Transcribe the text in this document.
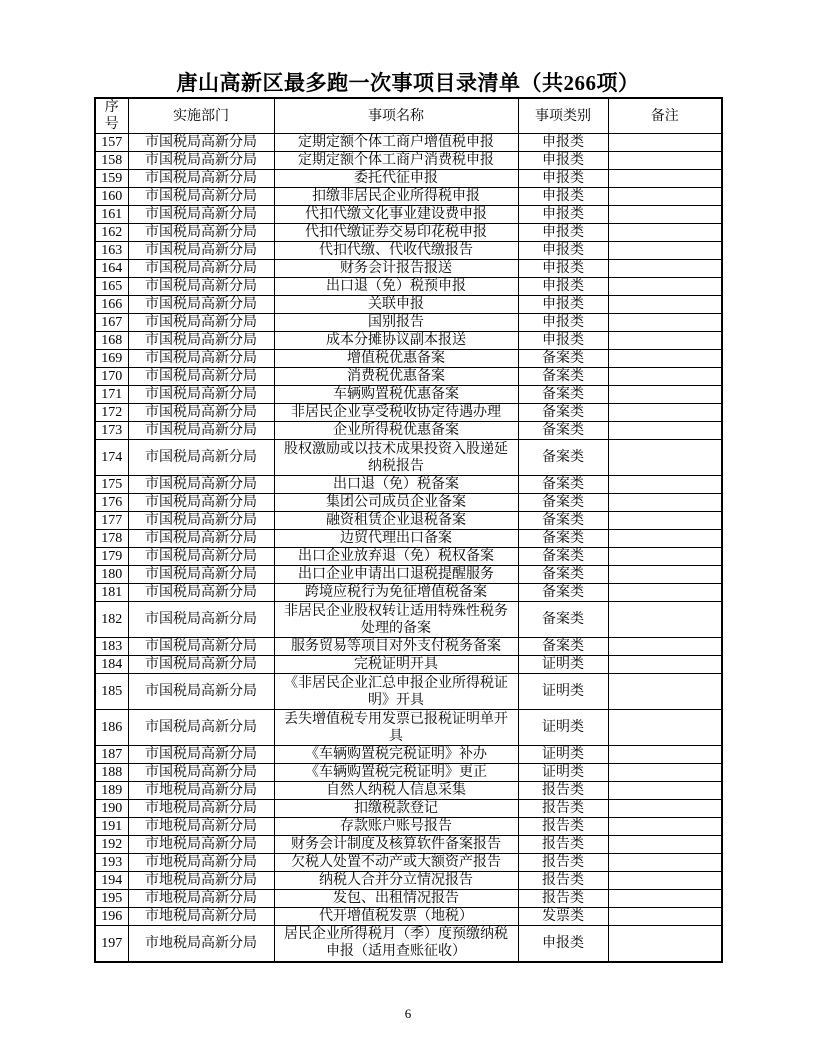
唐山高新区最多跑一次事项目录清单（共266项）
序号	实施部门	事项名称	事项类别	备注
157	市国税局高新分局	定期定额个体工商户增值税申报	申报类	
158	市国税局高新分局	定期定额个体工商户消费税申报	申报类	
159	市国税局高新分局	委托代征申报	申报类	
160	市国税局高新分局	扣缴非居民企业所得税申报	申报类	
161	市国税局高新分局	代扣代缴文化事业建设费申报	申报类	
162	市国税局高新分局	代扣代缴证券交易印花税申报	申报类	
163	市国税局高新分局	代扣代缴、代收代缴报告	申报类	
164	市国税局高新分局	财务会计报告报送	申报类	
165	市国税局高新分局	出口退（免）税预申报	申报类	
166	市国税局高新分局	关联申报	申报类	
167	市国税局高新分局	国别报告	申报类	
168	市国税局高新分局	成本分摊协议副本报送	申报类	
169	市国税局高新分局	增值税优惠备案	备案类	
170	市国税局高新分局	消费税优惠备案	备案类	
171	市国税局高新分局	车辆购置税优惠备案	备案类	
172	市国税局高新分局	非居民企业享受税收协定待遇办理	备案类	
173	市国税局高新分局	企业所得税优惠备案	备案类	
174	市国税局高新分局	股权激励或以技术成果投资入股递延纳税报告	备案类	
175	市国税局高新分局	出口退（免）税备案	备案类	
176	市国税局高新分局	集团公司成员企业备案	备案类	
177	市国税局高新分局	融资租赁企业退税备案	备案类	
178	市国税局高新分局	边贸代理出口备案	备案类	
179	市国税局高新分局	出口企业放弃退（免）税权备案	备案类	
180	市国税局高新分局	出口企业申请出口退税提醒服务	备案类	
181	市国税局高新分局	跨境应税行为免征增值税备案	备案类	
182	市国税局高新分局	非居民企业股权转让适用特殊性税务处理的备案	备案类	
183	市国税局高新分局	服务贸易等项目对外支付税务备案	备案类	
184	市国税局高新分局	完税证明开具	证明类	
185	市国税局高新分局	《非居民企业汇总申报企业所得税证明》开具	证明类	
186	市国税局高新分局	丢失增值税专用发票已报税证明单开具	证明类	
187	市国税局高新分局	《车辆购置税完税证明》补办	证明类	
188	市国税局高新分局	《车辆购置税完税证明》更正	证明类	
189	市地税局高新分局	自然人纳税人信息采集	报告类	
190	市地税局高新分局	扣缴税款登记	报告类	
191	市地税局高新分局	存款账户账号报告	报告类	
192	市地税局高新分局	财务会计制度及核算软件备案报告	报告类	
193	市地税局高新分局	欠税人处置不动产或大额资产报告	报告类	
194	市地税局高新分局	纳税人合并分立情况报告	报告类	
195	市地税局高新分局	发包、出租情况报告	报告类	
196	市地税局高新分局	代开增值税发票（地税）	发票类	
197	市地税局高新分局	居民企业所得税月（季）度预缴纳税申报（适用查账征收）	申报类	
6
